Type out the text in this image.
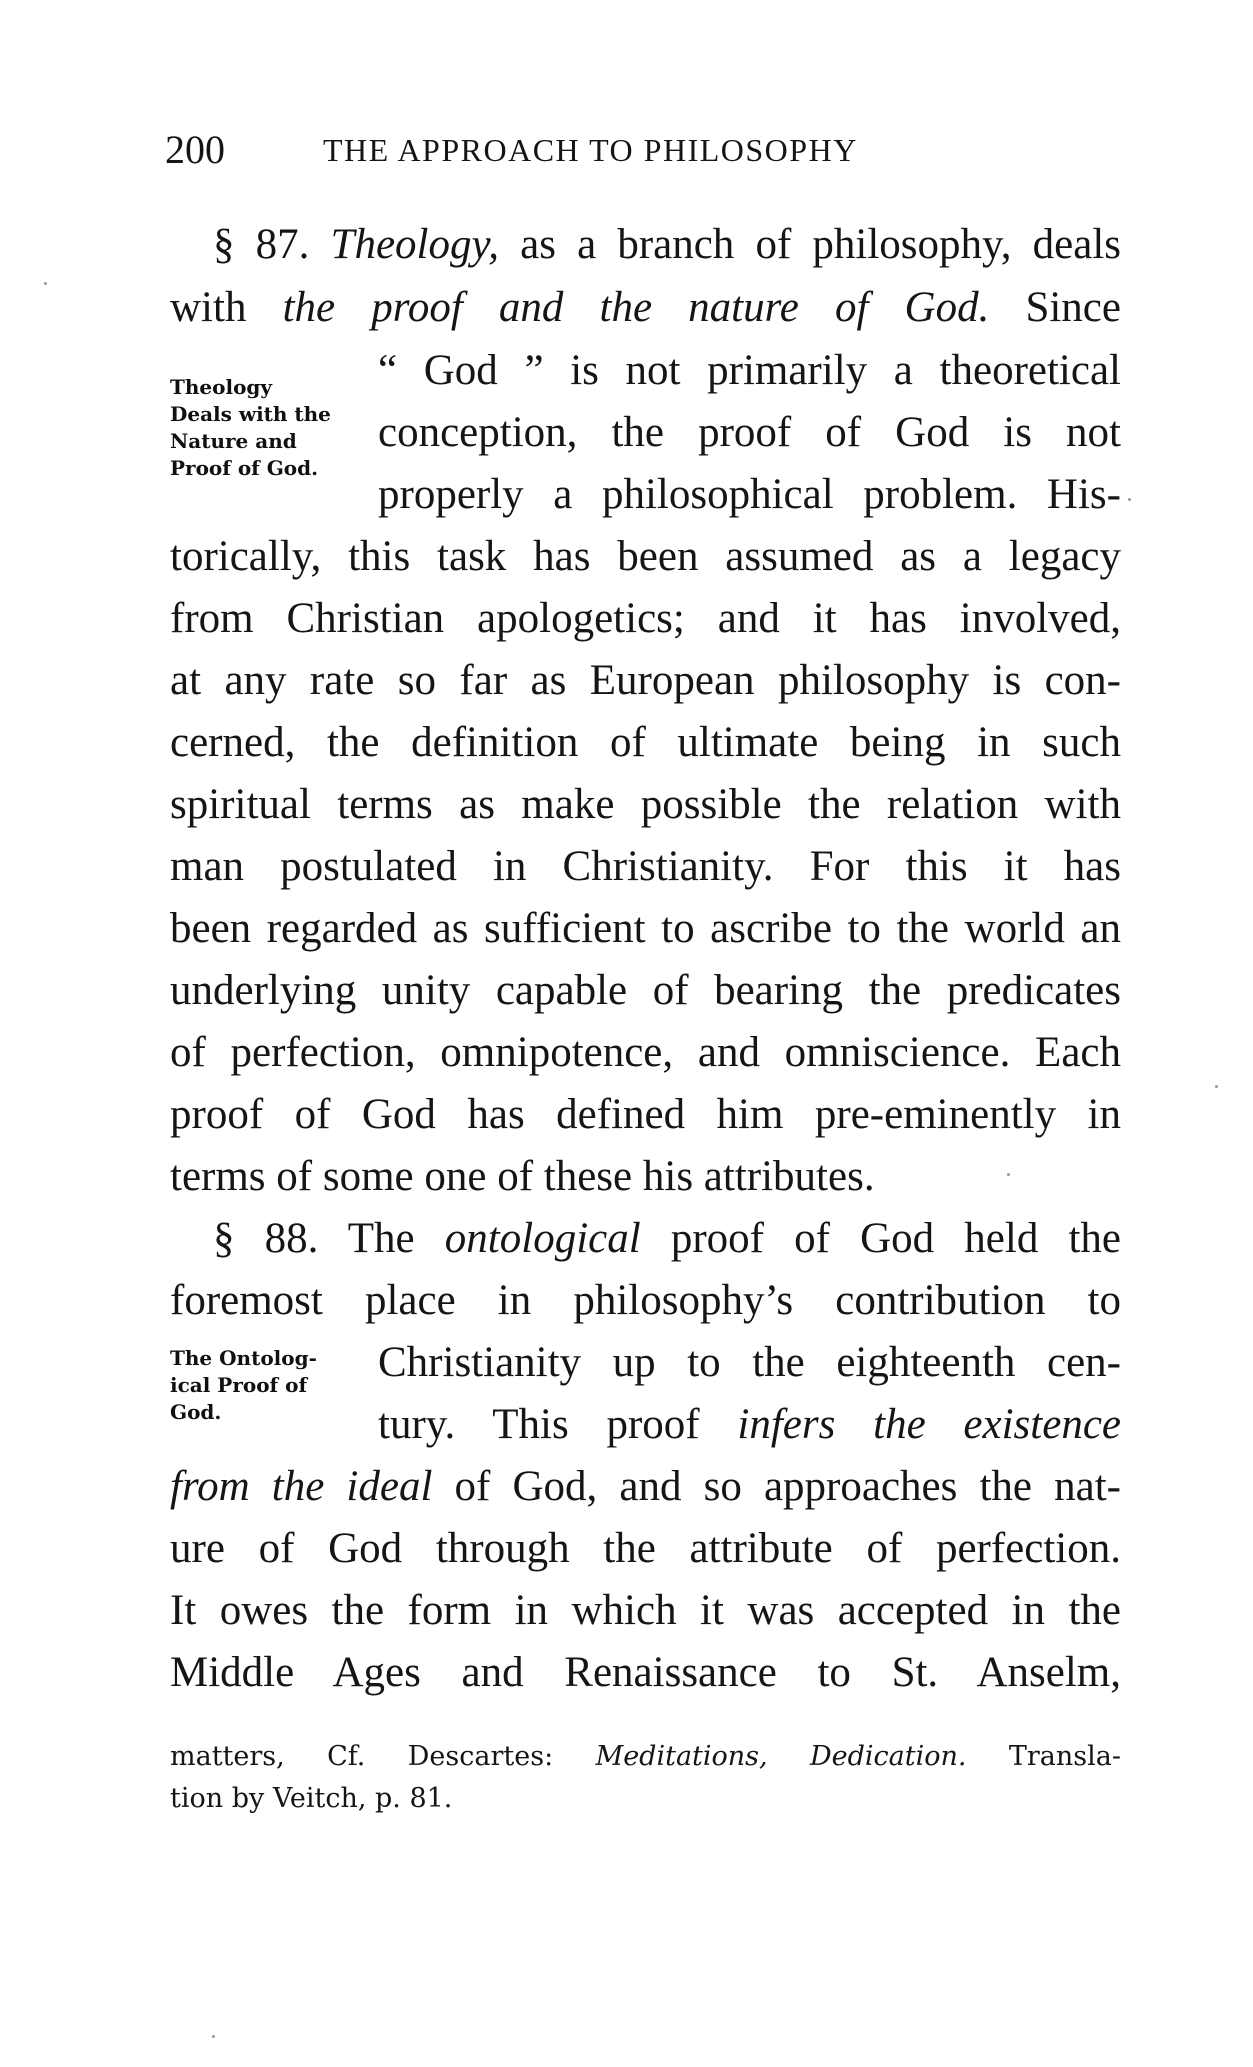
200	THE APPROACH TO PHILOSOPHY
§ 87. Theology, as a branch of philosophy, deals
with the proof and the nature of God. Since
Theology
Deals with the
Nature and
Proof of God.
“ God ” is not primarily a theoretical
conception, the proof of God is not
properly a philosophical problem. His-
torically, this task has been assumed as a legacy
from Christian apologetics; and it has involved,
at any rate so far as European philosophy is con-
cerned, the definition of ultimate being in such
spiritual terms as make possible the relation with
man postulated in Christianity. For this it has
been regarded as sufficient to ascribe to the world an
underlying unity capable of bearing the predicates
of perfection, omnipotence, and omniscience. Each
proof of God has defined him pre-eminently in
terms of some one of these his attributes.
§ 88. The ontological proof of God held the
foremost place in philosophy’s contribution to
The Ontolog-
ical Proof of
God.
Christianity up to the eighteenth cen-
tury. This proof infers the existence
from the ideal of God, and so approaches the nat-
ure of God through the attribute of perfection.
It owes the form in which it was accepted in the
Middle Ages and Renaissance to St. Anselm,
matters, Cf. Descartes: Meditations, Dedication. Transla-
tion by Veitch, p. 81.
